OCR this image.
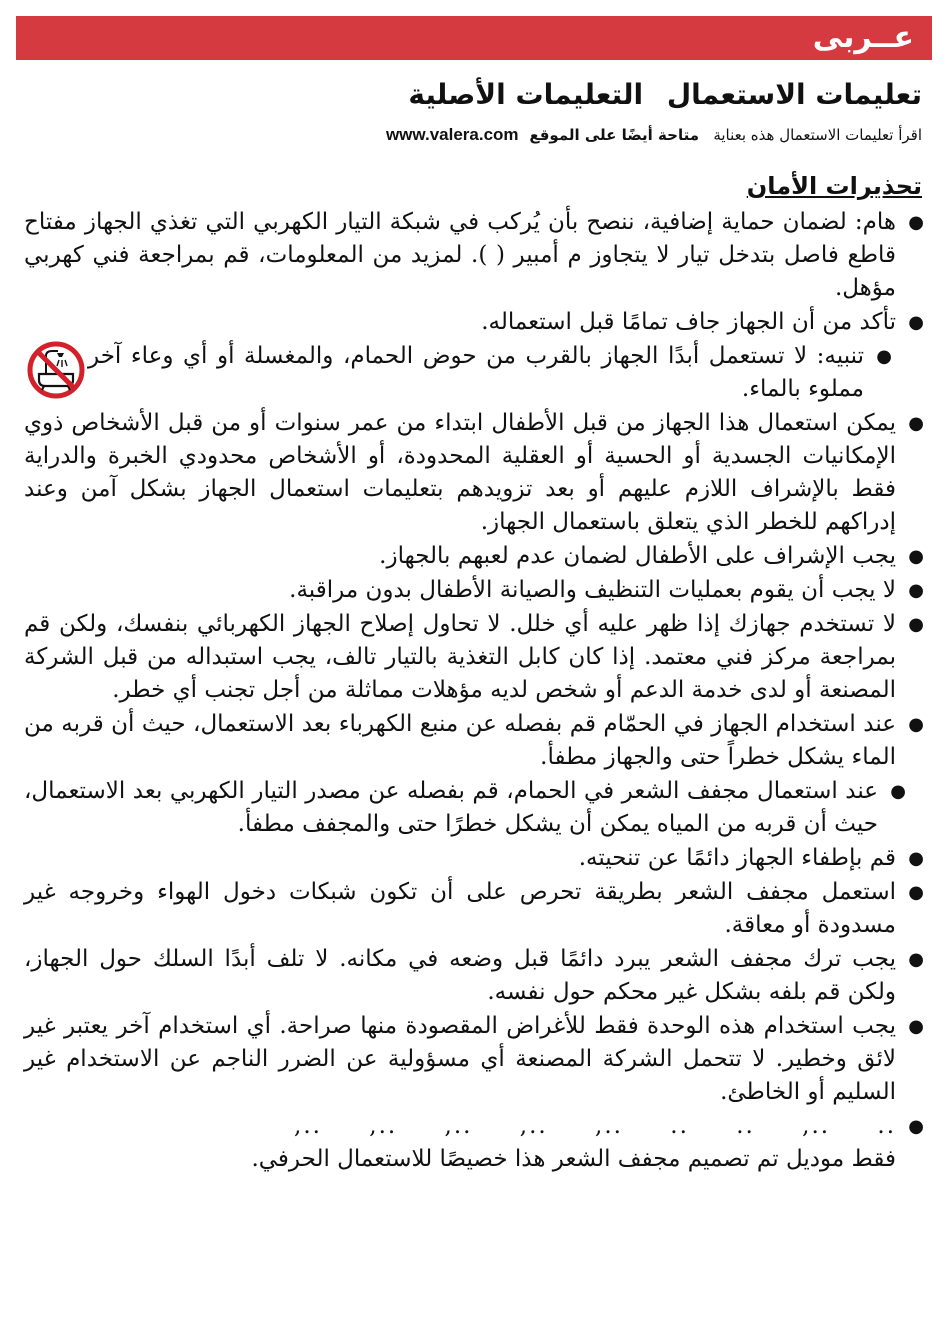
عــربى
تعليمات الاستعمال التعليمات الأصلية
اقرأ تعليمات الاستعمال هذه بعناية   متاحة أيضًا على الموقع www.valera.com
تحذيرات الأمان
● هام: لضمان حماية إضافية، ننصح بأن يُركب في شبكة التيار الكهربي التي تغذي الجهاز مفتاح قاطع فاصل بتدخل تيار لا يتجاوز م أمبير ( ). لمزيد من المعلومات، قم بمراجعة فني كهربي مؤهل.
● تأكد من أن الجهاز جاف تمامًا قبل استعماله.
● تنبيه: لا تستعمل أبدًا الجهاز بالقرب من حوض الحمام، والمغسلة أو أي وعاء آخر مملوء بالماء.
● يمكن استعمال هذا الجهاز من قبل الأطفال ابتداء من عمر سنوات أو من قبل الأشخاص ذوي الإمكانيات الجسدية أو الحسية أو العقلية المحدودة، أو الأشخاص محدودي الخبرة والدراية فقط بالإشراف اللازم عليهم أو بعد تزويدهم بتعليمات استعمال الجهاز بشكل آمن وعند إدراكهم للخطر الذي يتعلق باستعمال الجهاز.
● يجب الإشراف على الأطفال لضمان عدم لعبهم بالجهاز.
● لا يجب أن يقوم بعمليات التنظيف والصيانة الأطفال بدون مراقبة.
● لا تستخدم جهازك إذا ظهر عليه أي خلل. لا تحاول إصلاح الجهاز الكهربائي بنفسك، ولكن قم بمراجعة مركز فني معتمد. إذا كان كابل التغذية بالتيار تالف، يجب استبداله من قبل الشركة المصنعة أو لدى خدمة الدعم أو شخص لديه مؤهلات مماثلة من أجل تجنب أي خطر.
● عند استخدام الجهاز في الحمّام قم بفصله عن منبع الكهرباء بعد الاستعمال، حيث أن قربه من الماء يشكل خطراً حتى والجهاز مطفأ.
● عند استعمال مجفف الشعر في الحمام، قم بفصله عن مصدر التيار الكهربي بعد الاستعمال، حيث أن قربه من المياه يمكن أن يشكل خطرًا حتى والمجفف مطفأ.
● قم بإطفاء الجهاز دائمًا عن تنحيته.
● استعمل مجفف الشعر بطريقة تحرص على أن تكون شبكات دخول الهواء وخروجه غير مسدودة أو معاقة.
● يجب ترك مجفف الشعر يبرد دائمًا قبل وضعه في مكانه. لا تلف أبدًا السلك حول الجهاز، ولكن قم بلفه بشكل غير محكم حول نفسه.
● يجب استخدام هذه الوحدة فقط للأغراض المقصودة منها صراحة. أي استخدام آخر يعتبر غير لائق وخطير. لا تتحمل الشركة المصنعة أي مسؤولية عن الضرر الناجم عن الاستخدام غير السليم أو الخاطئ.
● .. .., .. .. .., .., .., .., ..,
فقط موديل تم تصميم مجفف الشعر هذا خصيصًا للاستعمال الحرفي.
